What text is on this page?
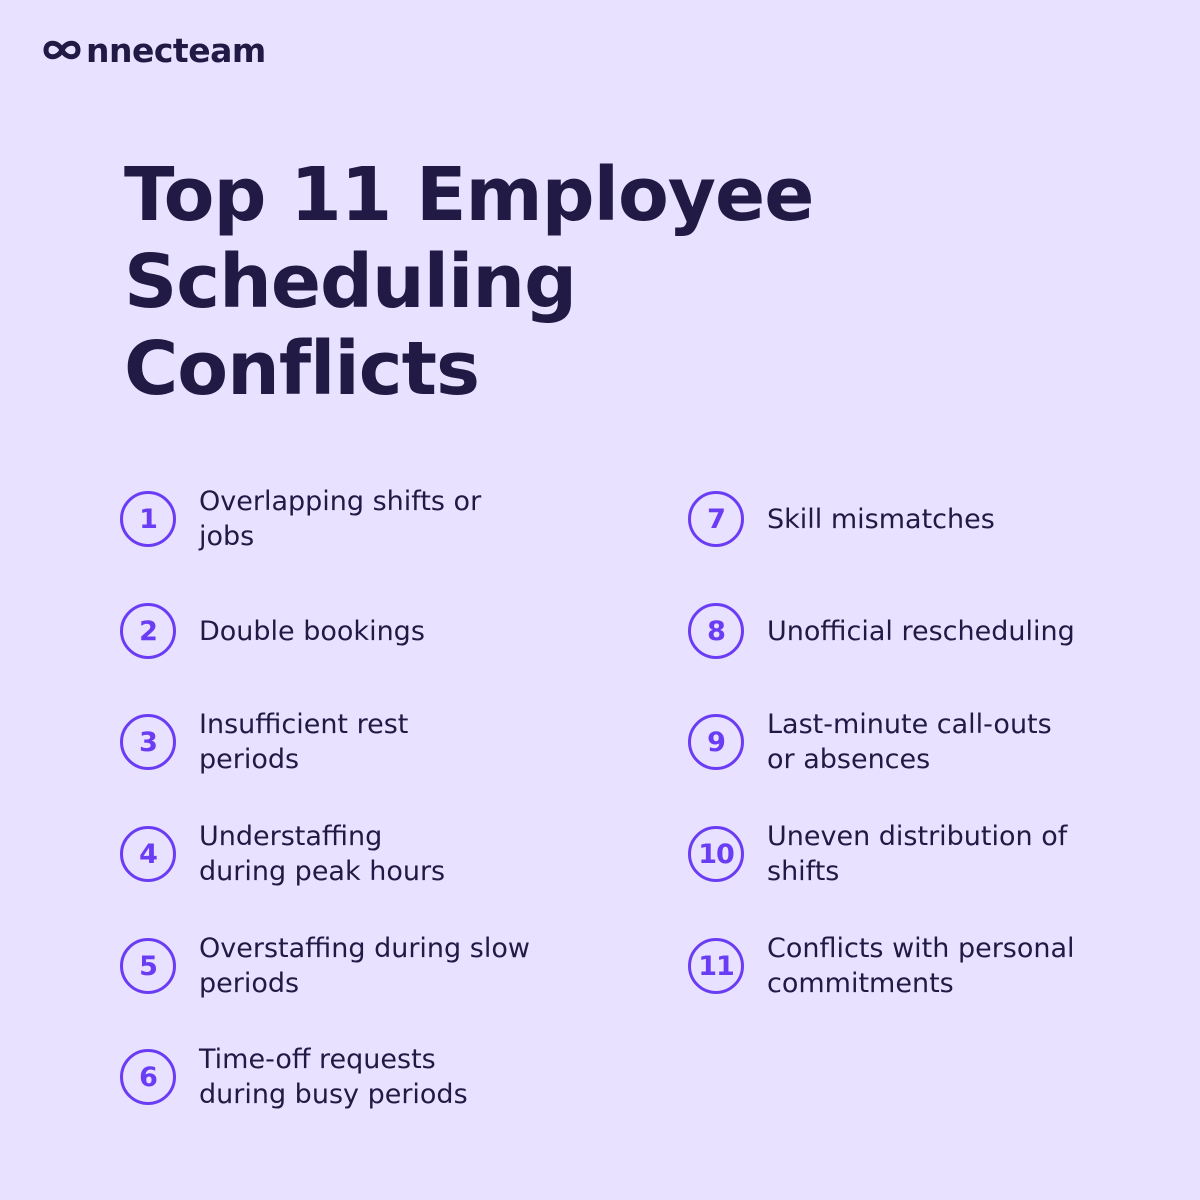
nnecteam
Top 11 Employee
Scheduling
Conflicts
1
Overlapping shifts or
jobs
2	Double bookings
3
Insufficient rest
periods
4
Understaffing
during peak hours
5
Overstaffing during slow
periods
6
Time-off requests
during busy periods
7	Skill mismatches
8	Unofficial rescheduling
9
Last-minute call-outs
or absences
10
Uneven distribution of
shifts
11
Conflicts with personal
commitments
